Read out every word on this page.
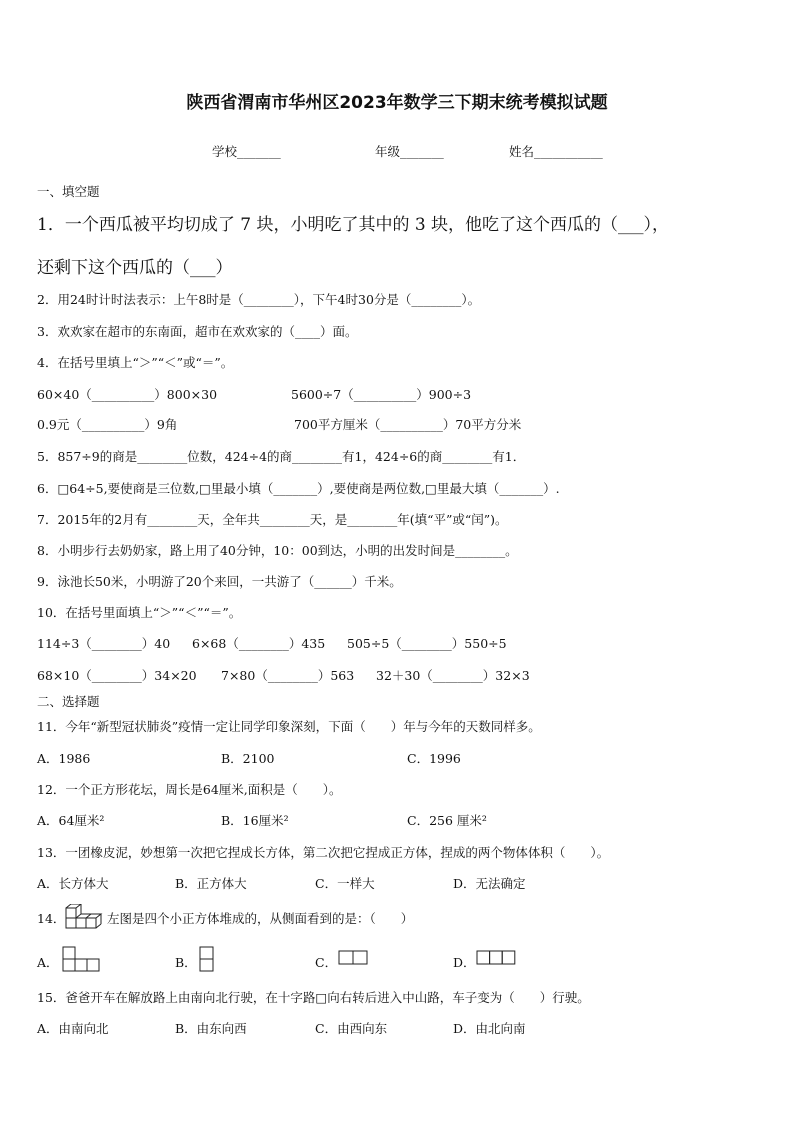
陕西省渭南市华州区2023年数学三下期末统考模拟试题
学校_______	年级_______	姓名___________
一、填空题
1．一个西瓜被平均切成了 7 块，小明吃了其中的 3 块，他吃了这个西瓜的（___），
还剩下这个西瓜的（___）
2．用24时计时法表示：上午8时是（________），下午4时30分是（________）。
3．欢欢家在超市的东南面，超市在欢欢家的（____）面。
4．在括号里填上“＞”“＜”或“＝”。
60×40（__________）800×30	5600÷7（__________）900÷3
0.9元（__________）9角	700平方厘米（__________）70平方分米
5．857÷9的商是________位数，424÷4的商________有1，424÷6的商________有1．
6．□64÷5,要使商是三位数,□里最小填（_______）,要使商是两位数,□里最大填（_______）.
7．2015年的2月有________天，全年共________天，是________年(填“平”或“闰”)。
8．小明步行去奶奶家，路上用了40分钟，10：00到达，小明的出发时间是________。
9．泳池长50米，小明游了20个来回，一共游了（______）千米。
10．在括号里面填上“＞”“＜”“＝”。
114÷3（________）40 6×68（________）435 505÷5（________）550÷5
68×10（________）34×20 7×80（________）563 32＋30（________）32×3
二、选择题
11．今年“新型冠状肺炎”疫情一定让同学印象深刻，下面（　　）年与今年的天数同样多。
A．1986	B．2100	C．1996
12．一个正方形花坛，周长是64厘米,面积是（　　）。
A．64厘米²	B．16厘米²	C．256 厘米²
13．一团橡皮泥，妙想第一次把它捏成长方体，第二次把它捏成正方体，捏成的两个物体体积（　　）。
A．长方体大	B．正方体大	C．一样大	D．无法确定
14．	左图是四个小正方体堆成的，从侧面看到的是：（　　）
A．	B．	C．	D．
15．爸爸开车在解放路上由南向北行驶，在十字路□向右转后进入中山路，车子变为（　　）行驶。
A．由南向北	B．由东向西	C．由西向东	D．由北向南
